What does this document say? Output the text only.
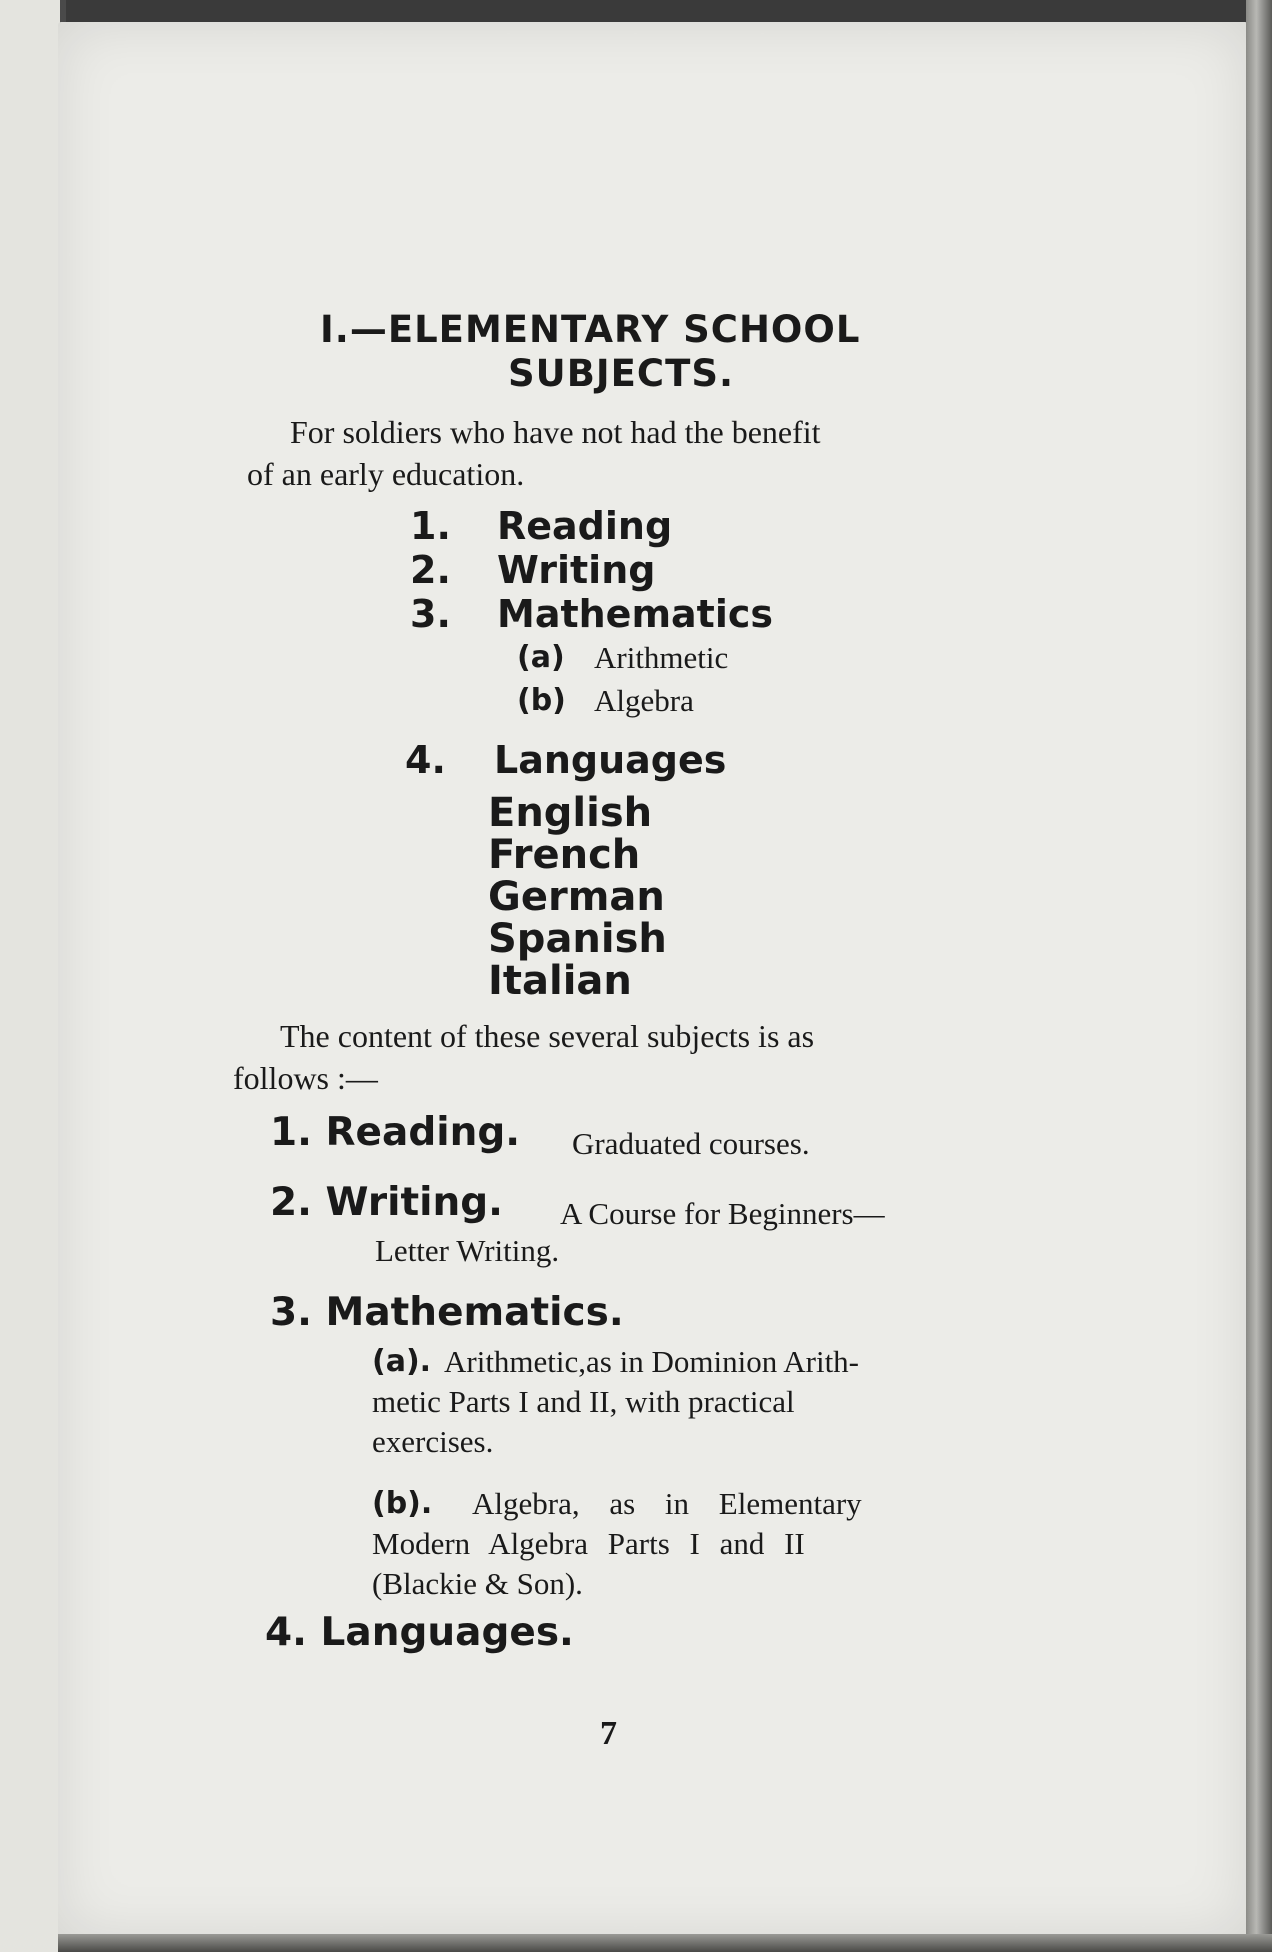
I.—ELEMENTARY SCHOOL
SUBJECTS.
For soldiers who have not had the benefit
of an early education.
1. Reading
2. Writing
3. Mathematics
(a) Arithmetic
(b) Algebra
4. Languages
English
French
German
Spanish
Italian
The content of these several subjects is as
follows :—
1. Reading. Graduated courses.
2. Writing. A Course for Beginners—
Letter Writing.
3. Mathematics.
(a). Arithmetic,as in Dominion Arith-
metic Parts I and II, with practical
exercises.
(b). Algebra, as in Elementary
Modern Algebra Parts I and II
(Blackie & Son).
4. Languages.
7
